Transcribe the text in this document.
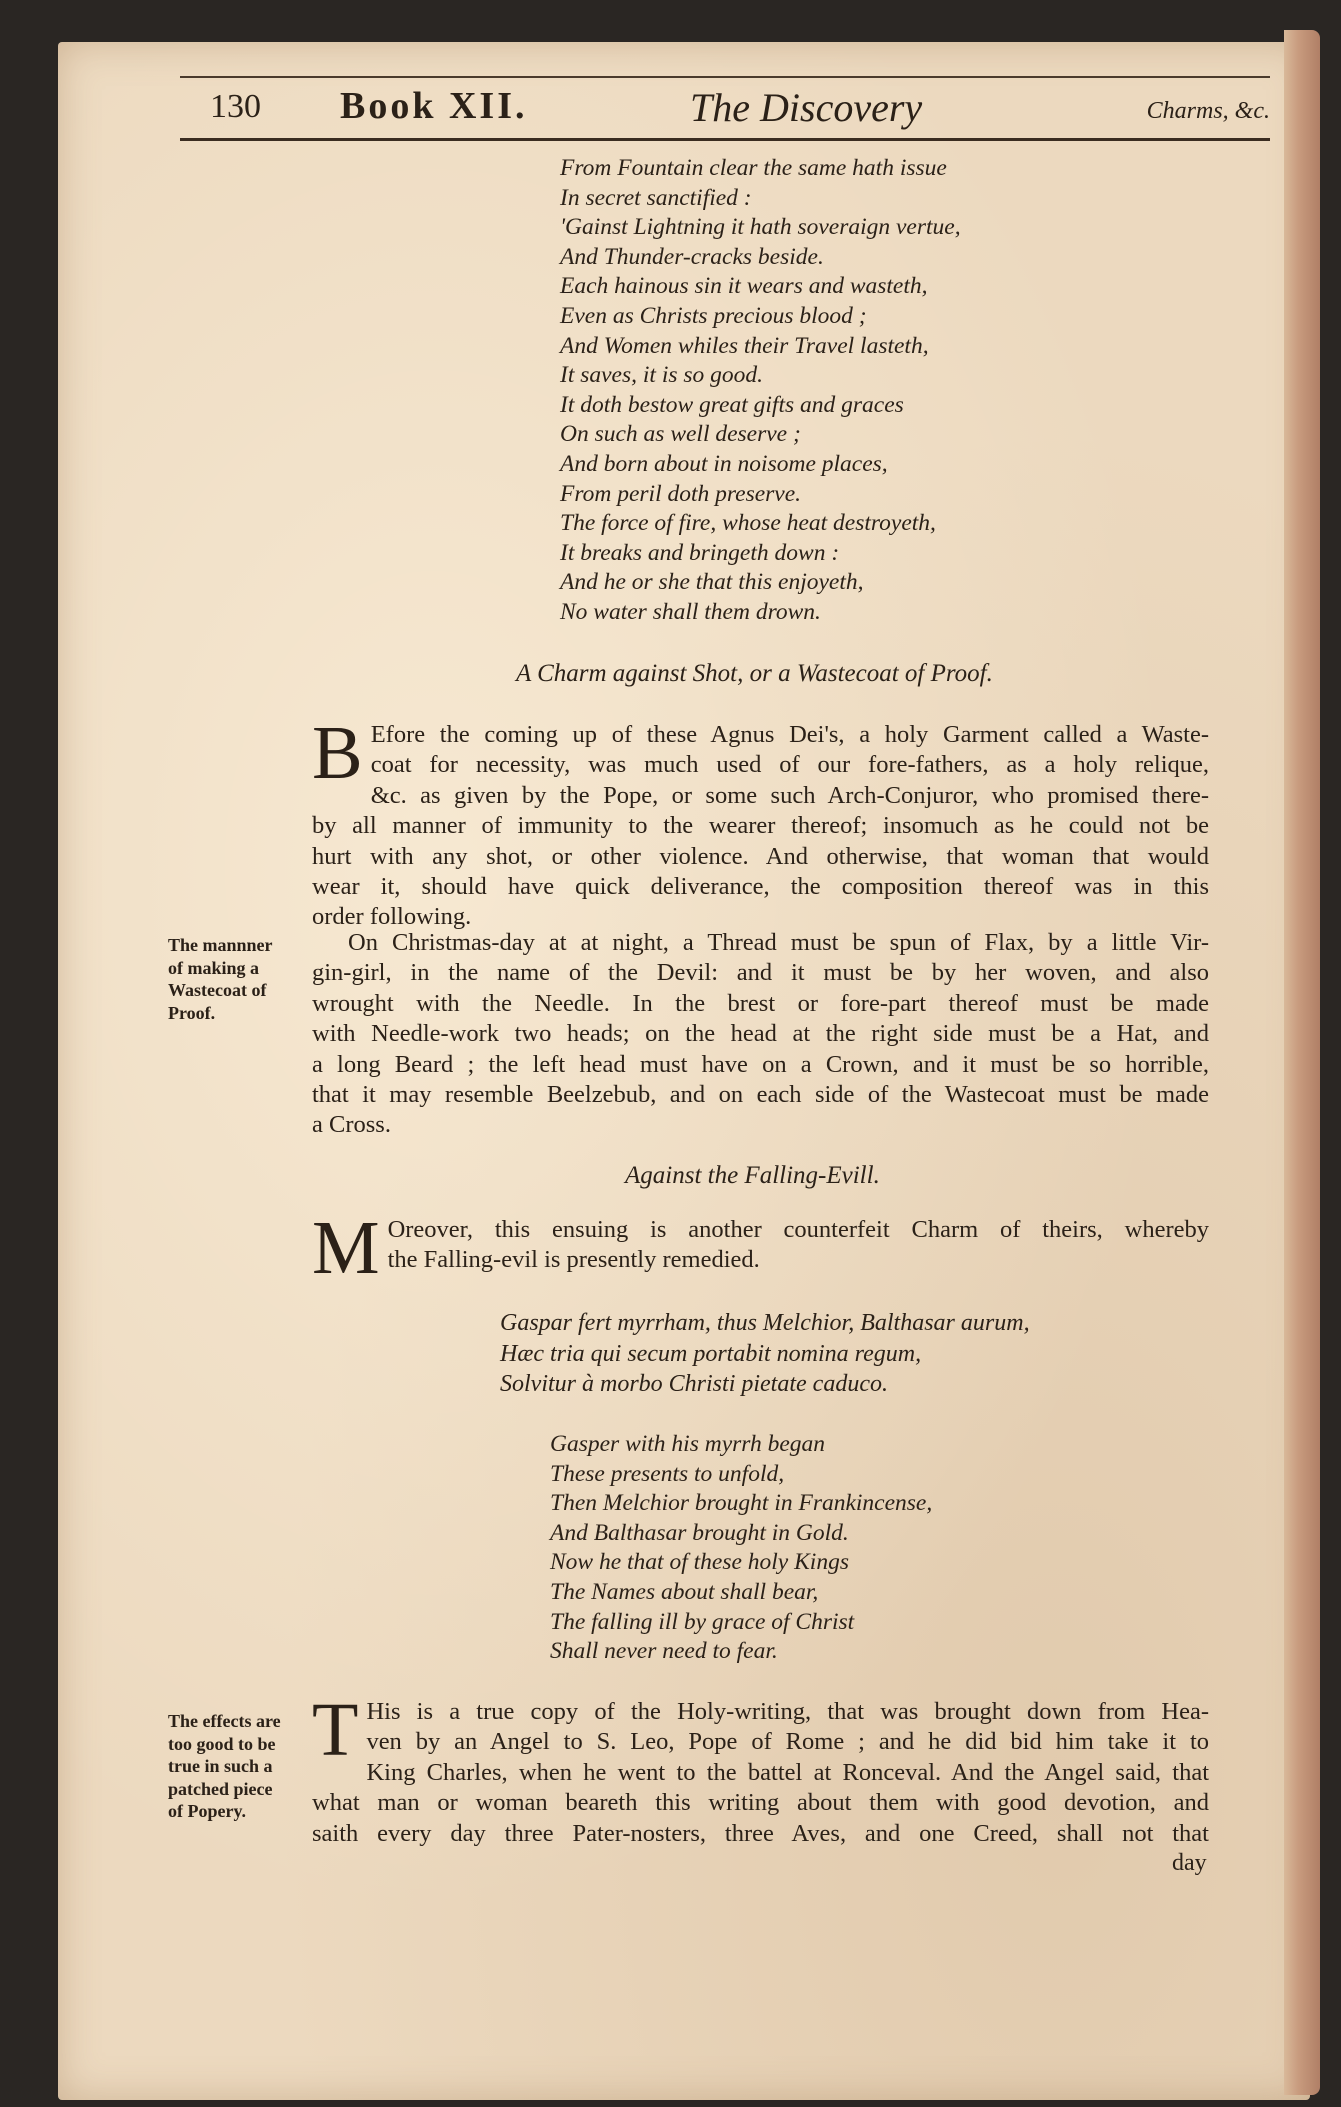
130 Book XII.	The Discovery	Charms, &c.
From Fountain clear the same hath issue
In secret sanctified :
'Gainst Lightning it hath soveraign vertue,
And Thunder-cracks beside.
Each hainous sin it wears and wasteth,
Even as Christs precious blood ;
And Women whiles their Travel lasteth,
It saves, it is so good.
It doth bestow great gifts and graces
On such as well deserve ;
And born about in noisome places,
From peril doth preserve.
The force of fire, whose heat destroyeth,
It breaks and bringeth down :
And he or she that this enjoyeth,
No water shall them drown.
A Charm against Shot, or a Wastecoat of Proof.
B Efore the coming up of these Agnus Dei's, a holy Garment called a Waste-
coat for necessity, was much used of our fore-fathers, as a holy relique,
&c. as given by the Pope, or some such Arch-Conjuror, who promised there-
by all manner of immunity to the wearer thereof; insomuch as he could not be
hurt with any shot, or other violence. And otherwise, that woman that would
wear it, should have quick deliverance, the composition thereof was in this
order following.
The mannner
of making a
Wastecoat of
Proof.
On Christmas-day at at night, a Thread must be spun of Flax, by a little Vir-
gin-girl, in the name of the Devil: and it must be by her woven, and also
wrought with the Needle. In the brest or fore-part thereof must be made
with Needle-work two heads; on the head at the right side must be a Hat, and
a long Beard ; the left head must have on a Crown, and it must be so horrible,
that it may resemble Beelzebub, and on each side of the Wastecoat must be made
a Cross.
Against the Falling-Evill.
M Oreover, this ensuing is another counterfeit Charm of theirs, whereby
the Falling-evil is presently remedied.
Gaspar fert myrrham, thus Melchior, Balthasar aurum,
Hæc tria qui secum portabit nomina regum,
Solvitur à morbo Christi pietate caduco.
Gasper with his myrrh began
These presents to unfold,
Then Melchior brought in Frankincense,
And Balthasar brought in Gold.
Now he that of these holy Kings
The Names about shall bear,
The falling ill by grace of Christ
Shall never need to fear.
The effects are
too good to be
true in such a
patched piece
of Popery.
T His is a true copy of the Holy-writing, that was brought down from Hea-
ven by an Angel to S. Leo, Pope of Rome ; and he did bid him take it to
King Charles, when he went to the battel at Ronceval. And the Angel said, that
what man or woman beareth this writing about them with good devotion, and
saith every day three Pater-nosters, three Aves, and one Creed, shall not that
day
